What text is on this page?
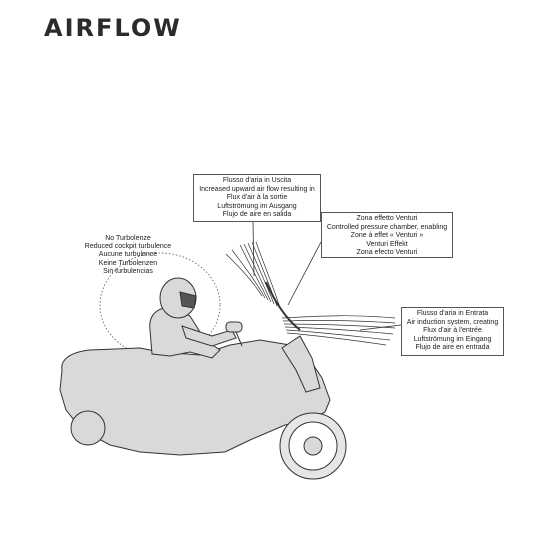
AIRFLOW
No Turbolenze
Reduced cockpit turbulence
Aucune turbulence
Keine Turbolenzen
Sin turbulencias
Flusso d'aria in Uscita
Increased upward air flow resulting in
Flux d'air à la sortie
Luftströmung im Ausgang
Flujo de aire en salida
Zona effetto Venturi
Controlled pressure chamber, enabling
Zone à effet « Venturi »
Venturi Effekt
Zona efecto Venturi
Flusso d'aria in Entrata
Air induction system, creating
Flux d'air à l'entrée
Luftströmung im Eingang
Flujo de aire en entrada
